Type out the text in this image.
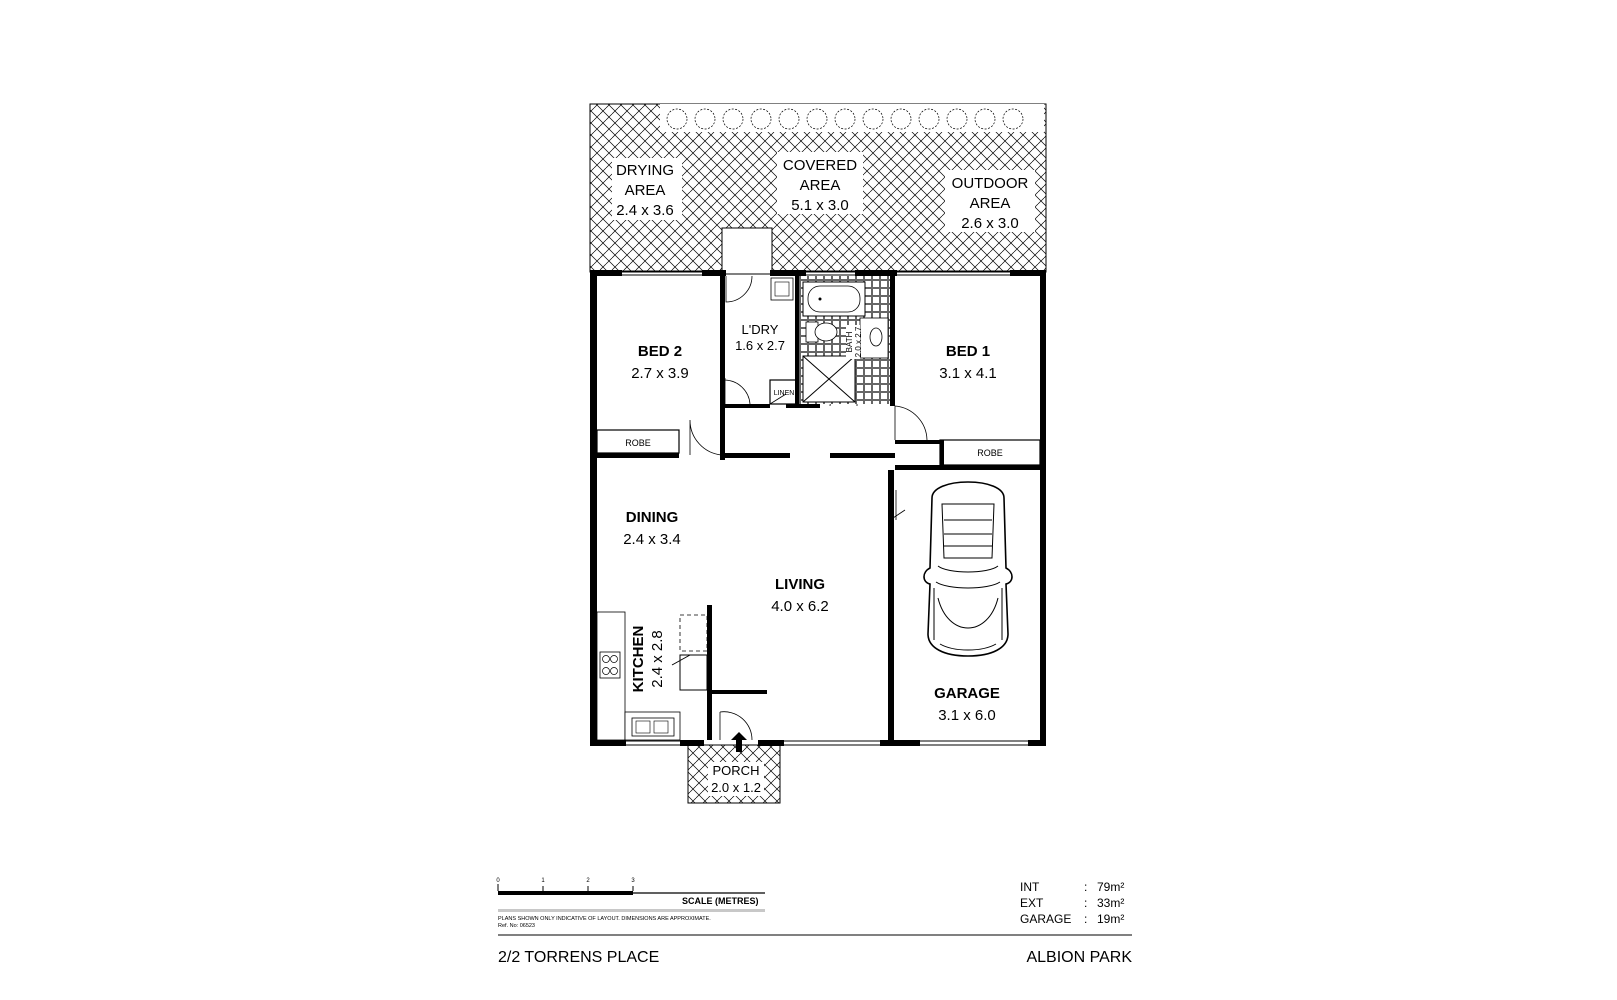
DRYING
AREA
2.4 x 3.6
COVERED
AREA
5.1 x 3.0
OUTDOOR
AREA
2.6 x 3.0
PORCH
2.0 x 1.2
BATH 2.0 x 2.7
BED 2
2.7 x 3.9
L'DRY
1.6 x 2.7
LINEN
BED 1
3.1 x 4.1
ROBE
ROBE
DINING
2.4 x 3.4
LIVING
4.0 x 6.2
KITCHEN 2.4 x 2.8
GARAGE
3.1 x 6.0
0	1	2	3
SCALE (METRES)
PLANS SHOWN ONLY INDICATIVE OF LAYOUT. DIMENSIONS ARE APPROXIMATE.
Ref. No: 06523
INT	: 79m²
EXT	: 33m²
GARAGE : 19m²
2/2 TORRENS PLACE	ALBION PARK
